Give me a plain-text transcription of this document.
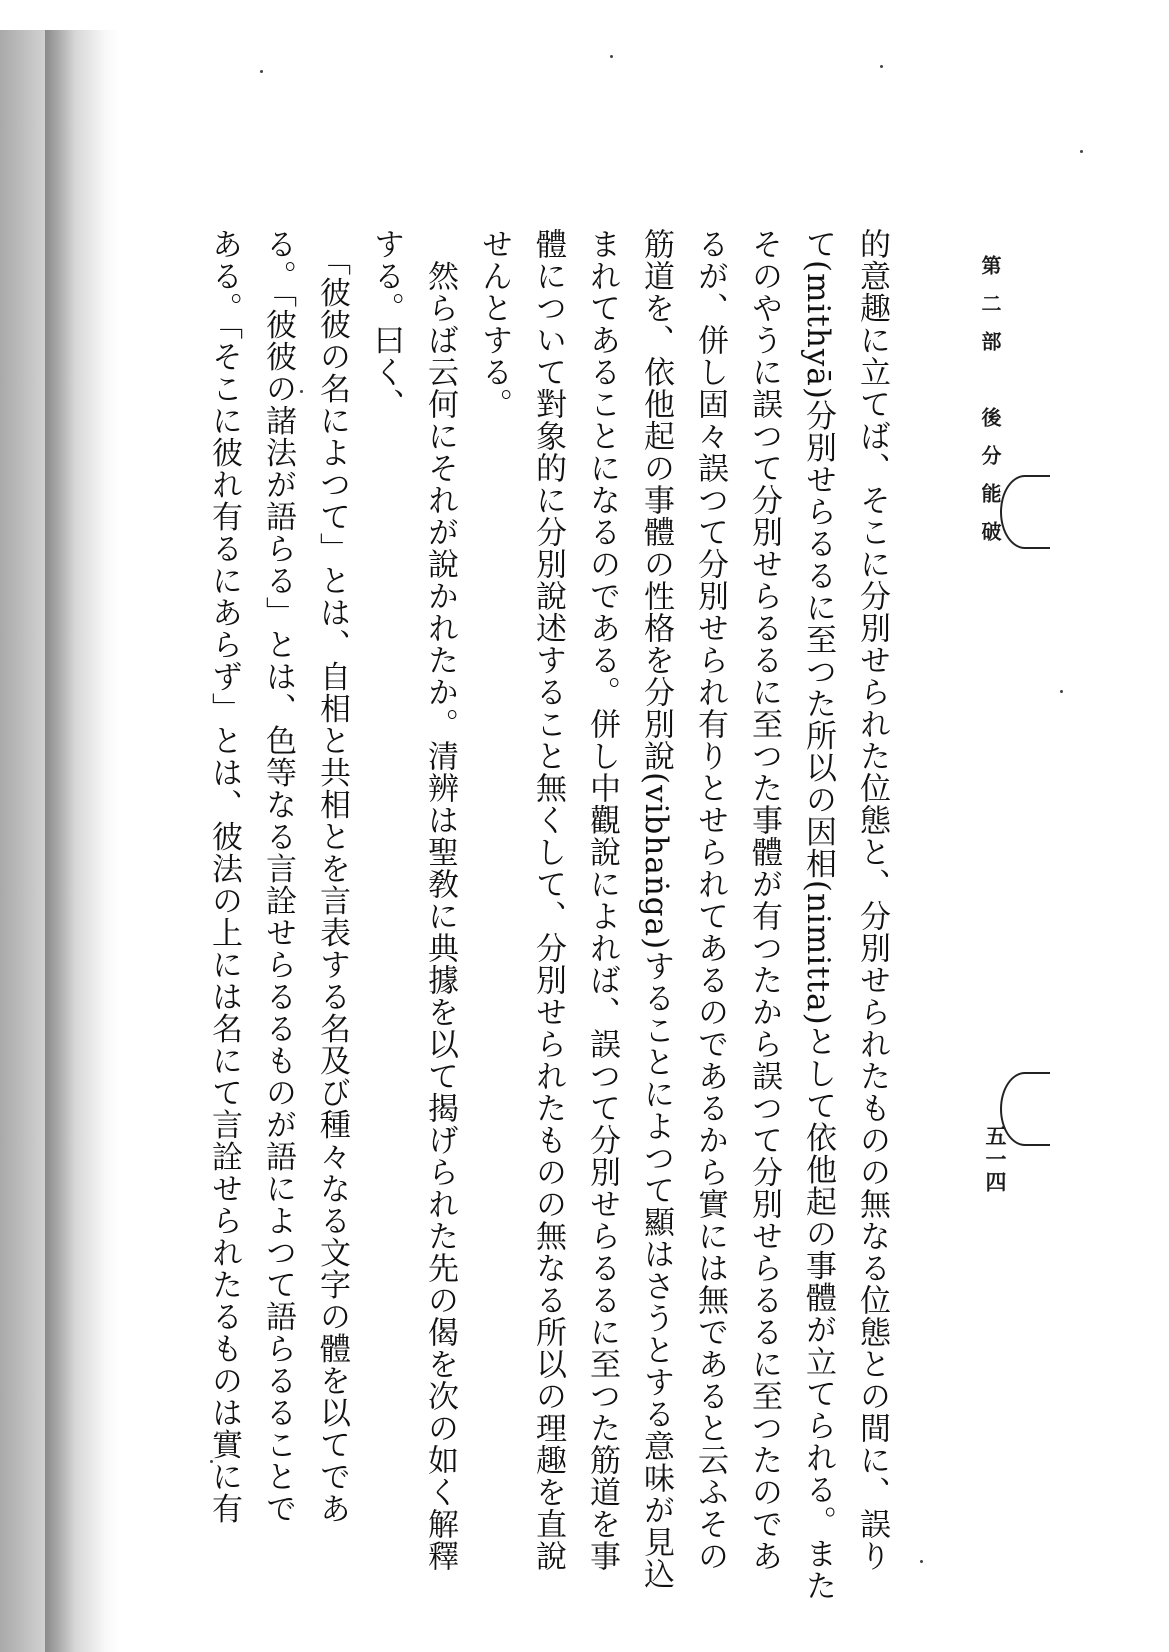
第二部　後分能破
五一四
的意趣に立てば、そこに分別せられた位態と、分別せられたものの無なる位態との間に、誤り
て(mithyā)分別せらるるに至つた所以の因相(nimitta)として依他起の事體が立てられる。また
そのやうに誤つて分別せらるるに至つた事體が有つたから誤つて分別せらるるに至つたのであ
るが、併し固々誤つて分別せられ有りとせられてあるのであるから實には無であると云ふその
筋道を、依他起の事體の性格を分別說(vibhaṅga)することによつて顯はさうとする意味が見込
まれてあることになるのである。併し中觀說によれば、誤つて分別せらるるに至つた筋道を事
體について對象的に分別說述すること無くして、分別せられたものの無なる所以の理趣を直說
せんとする。
　然らば云何にそれが說かれたか。清辨は聖敎に典據を以て揭げられた先の偈を次の如く解釋
する。曰く、
　「彼彼の名によつて」とは、自相と共相とを言表する名及び種々なる文字の體を以てであ
る。「彼彼の諸法が語らる」とは、色等なる言詮せらるるものが語によつて語らるることで
ある。「そこに彼れ有るにあらず」とは、彼法の上には名にて言詮せられたるものは實に有
